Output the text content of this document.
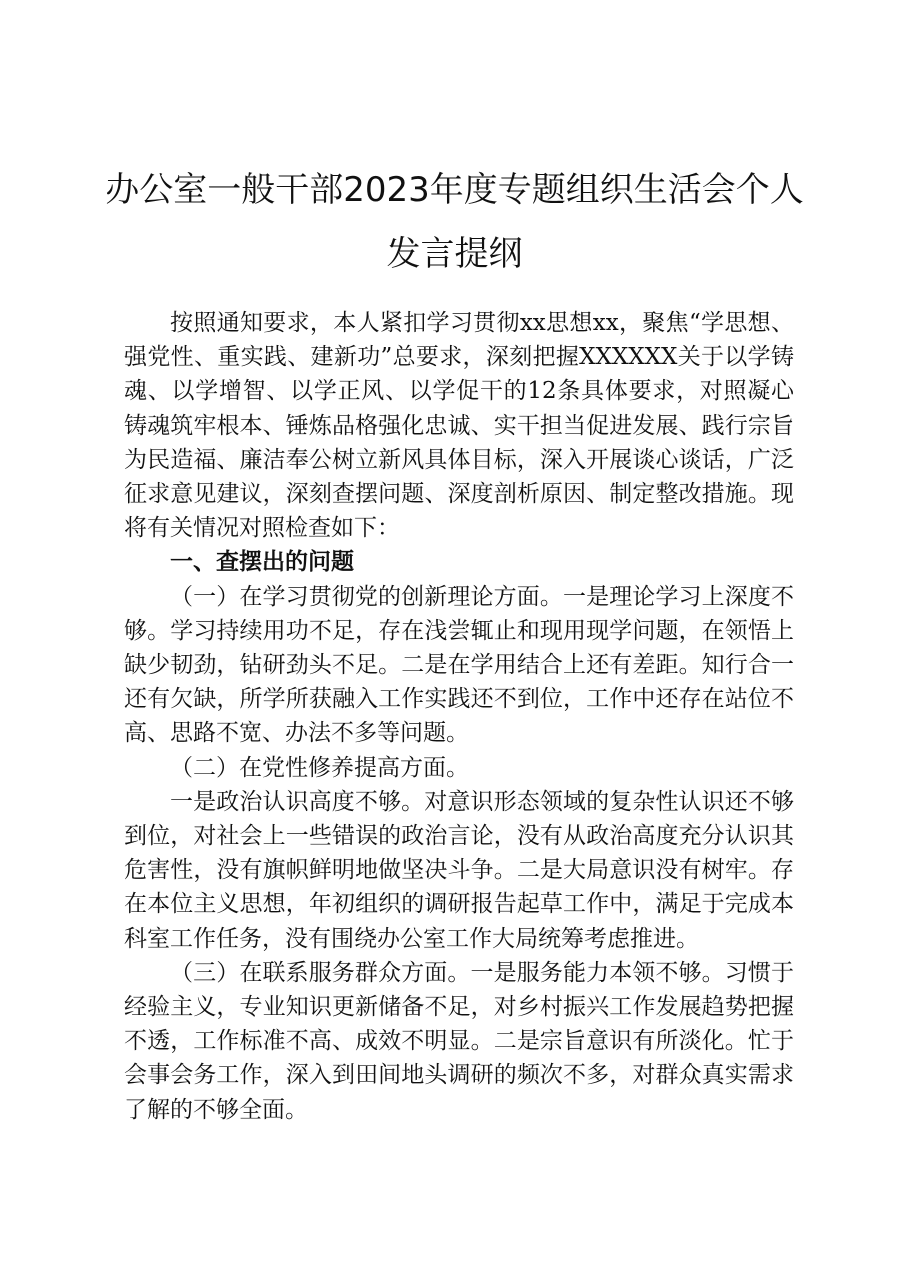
办公室一般干部2023年度专题组织生活会个人发言提纲

按照通知要求，本人紧扣学习贯彻xx思想xx，聚焦“学思想、强党性、重实践、建新功”总要求，深刻把握XXXXXX关于以学铸魂、以学增智、以学正风、以学促干的12条具体要求，对照凝心铸魂筑牢根本、锤炼品格强化忠诚、实干担当促进发展、践行宗旨为民造福、廉洁奉公树立新风具体目标，深入开展谈心谈话，广泛征求意见建议，深刻查摆问题、深度剖析原因、制定整改措施。现将有关情况对照检查如下：

一、查摆出的问题

（一）在学习贯彻党的创新理论方面。一是理论学习上深度不够。学习持续用功不足，存在浅尝辄止和现用现学问题，在领悟上缺少韧劲，钻研劲头不足。二是在学用结合上还有差距。知行合一还有欠缺，所学所获融入工作实践还不到位，工作中还存在站位不高、思路不宽、办法不多等问题。

（二）在党性修养提高方面。

一是政治认识高度不够。对意识形态领域的复杂性认识还不够到位，对社会上一些错误的政治言论，没有从政治高度充分认识其危害性，没有旗帜鲜明地做坚决斗争。二是大局意识没有树牢。存在本位主义思想，年初组织的调研报告起草工作中，满足于完成本科室工作任务，没有围绕办公室工作大局统筹考虑推进。

（三）在联系服务群众方面。一是服务能力本领不够。习惯于经验主义，专业知识更新储备不足，对乡村振兴工作发展趋势把握不透，工作标准不高、成效不明显。二是宗旨意识有所淡化。忙于会事会务工作，深入到田间地头调研的频次不多，对群众真实需求了解的不够全面。
